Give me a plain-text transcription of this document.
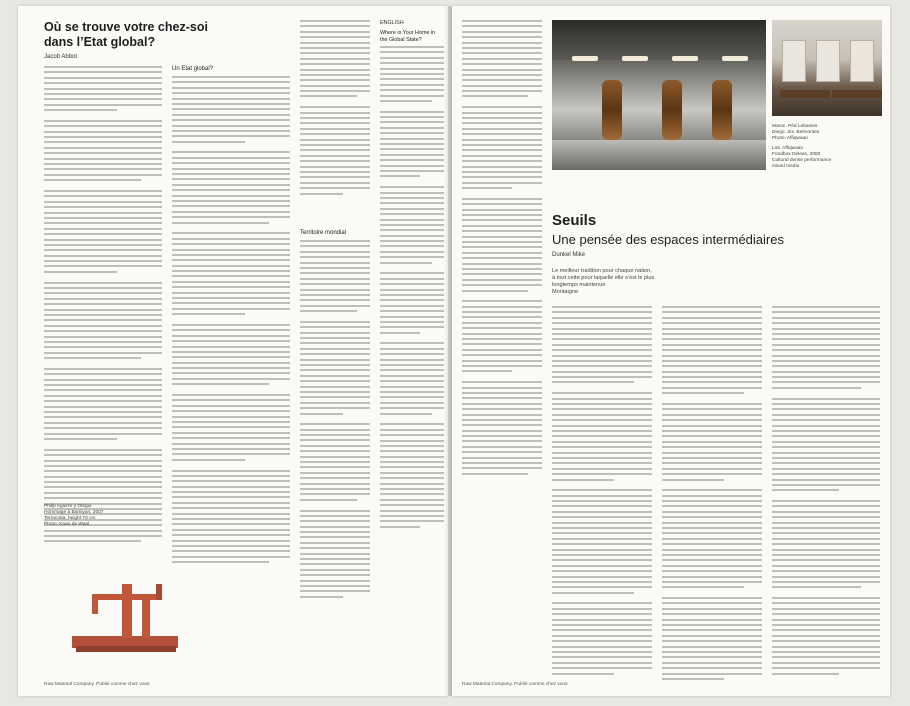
Où se trouve votre chez-soi
dans l’Etat global?
Jacob Abbot
Philip Aguirre y Otegui
Hommage à Bamiyan, 2007
Terracotta, height 70 cm
Photo: Kaan de Waal
Un Etat global?
Territoire mondial
ENGLISH
Where is Your Home in the Global State?
Raw Material Company. Publié comme chez vous
Maroc. Pèd Lebanies
Diego. Six. Belmontes
Photo: Affiqwaan
Loti. Affiqwaan
Fondbox Deleas, 2000
Cultural dense performance
mixed media
Seuils
Une pensée des espaces intermédiaires
Dunkel Mike
Le meilleur tradition pour chaque nation,
à tout cette pour laquelle elle s’est le plus
longtemps maintenue
Montaigne
Raw Material Company. Publié comme chez vous
